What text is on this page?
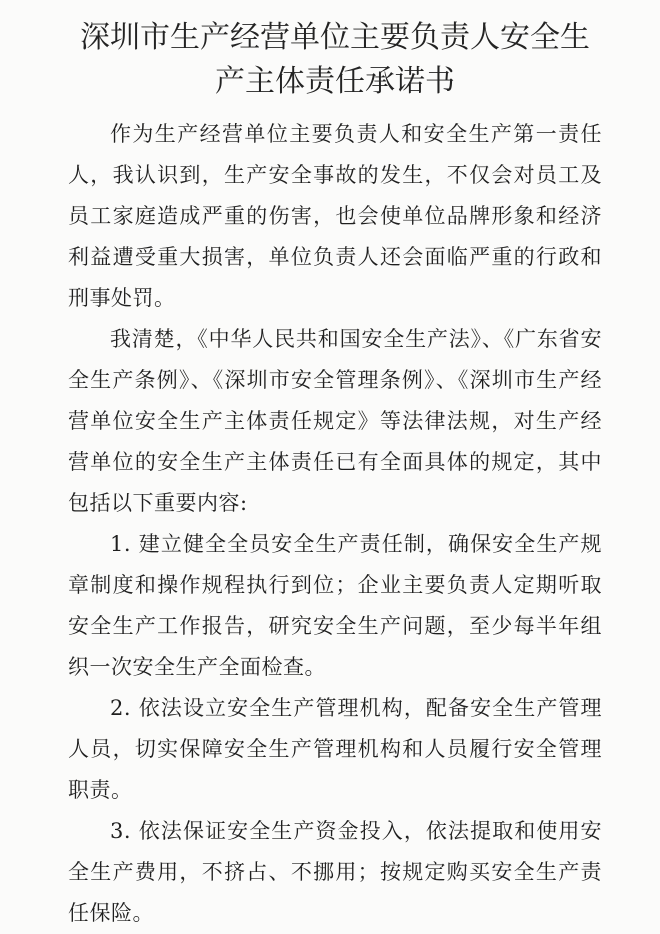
深圳市生产经营单位主要负责人安全生
产主体责任承诺书

作为生产经营单位主要负责人和安全生产第一责任人，我认识到，生产安全事故的发生，不仅会对员工及员工家庭造成严重的伤害，也会使单位品牌形象和经济利益遭受重大损害，单位负责人还会面临严重的行政和刑事处罚。

我清楚，《中华人民共和国安全生产法》、《广东省安全生产条例》、《深圳市安全管理条例》、《深圳市生产经营单位安全生产主体责任规定》等法律法规，对生产经营单位的安全生产主体责任已有全面具体的规定，其中包括以下重要内容:

1. 建立健全全员安全生产责任制，确保安全生产规章制度和操作规程执行到位；企业主要负责人定期听取安全生产工作报告，研究安全生产问题，至少每半年组织一次安全生产全面检查。

2. 依法设立安全生产管理机构，配备安全生产管理人员，切实保障安全生产管理机构和人员履行安全管理职责。

3. 依法保证安全生产资金投入，依法提取和使用安全生产费用，不挤占、不挪用；按规定购买安全生产责任保险。
